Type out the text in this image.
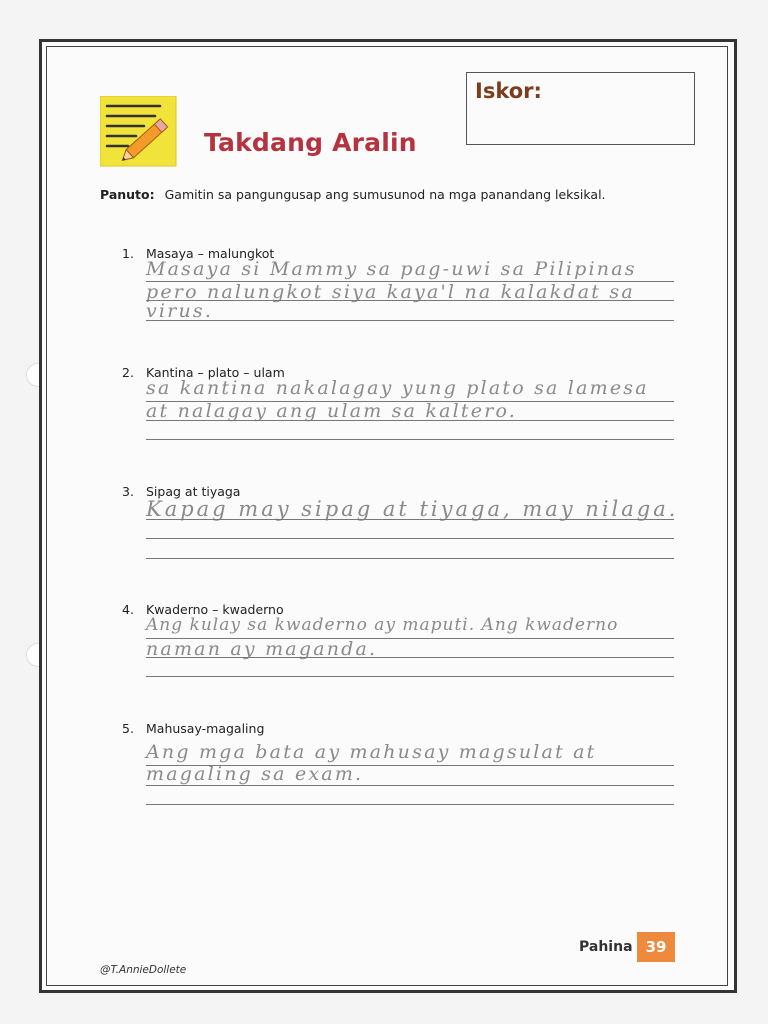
Takdang Aralin
Iskor:
Panuto: Gamitin sa pangungusap ang sumusunod na mga panandang leksikal.
1. Masaya – malungkot
Masaya si Mammy sa pag-uwi sa Pilipinas
pero nalungkot siya kaya'l na kalakdat sa
virus.
2. Kantina – plato – ulam
sa kantina nakalagay yung plato sa lamesa
at nalagay ang ulam sa kaltero.
3. Sipag at tiyaga
Kapag may sipag at tiyaga, may nilaga.
4. Kwaderno – kwaderno
Ang kulay sa kwaderno ay maputi. Ang kwaderno
naman ay maganda.
5. Mahusay-magaling
Ang mga bata ay mahusay magsulat at
magaling sa exam.
@T.AnnieDollete
Pahina 39
